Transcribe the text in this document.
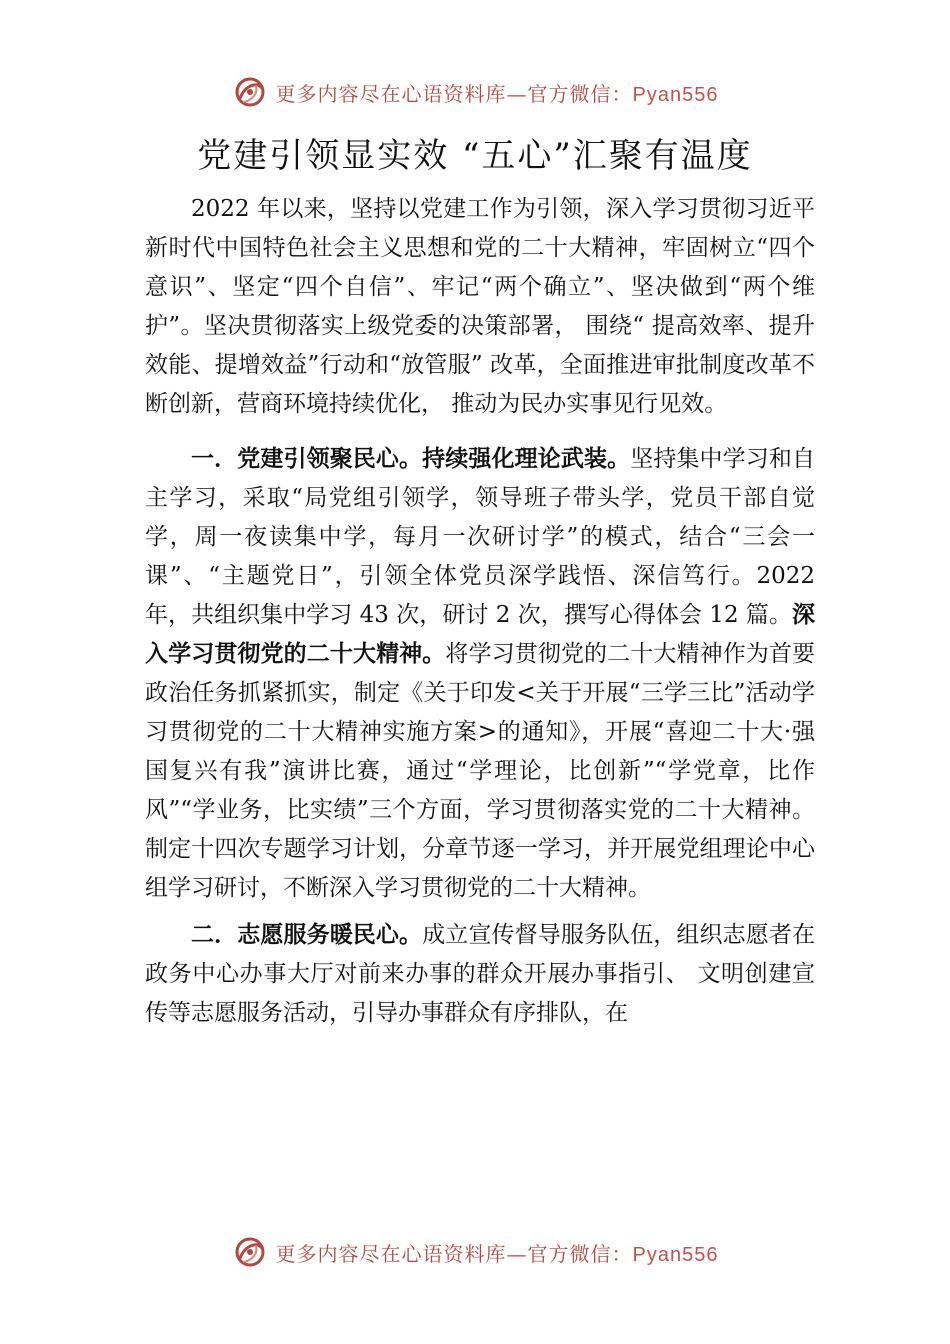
更多内容尽在心语资料库—官方微信：Pyan556
党建引领显实效 “五心”汇聚有温度

2022 年以来，坚持以党建工作为引领，深入学习贯彻习近平新时代中国特色社会主义思想和党的二十大精神，牢固树立“四个意识”、坚定“四个自信”、牢记“两个确立”、坚决做到“两个维护”。坚决贯彻落实上级党委的决策部署， 围绕“ 提高效率、提升效能、提增效益”行动和“放管服” 改革，全面推进审批制度改革不断创新，营商环境持续优化， 推动为民办实事见行见效。

一．党建引领聚民心。持续强化理论武装。坚持集中学习和自主学习，采取“局党组引领学，领导班子带头学，党员干部自觉学，周一夜读集中学，每月一次研讨学”的模式，结合“三会一课”、“主题党日”，引领全体党员深学践悟、深信笃行。2022 年，共组织集中学习 43 次，研讨 2 次，撰写心得体会 12 篇。深入学习贯彻党的二十大精神。将学习贯彻党的二十大精神作为首要政治任务抓紧抓实，制定《关于印发<关于开展“三学三比”活动学习贯彻党的二十大精神实施方案>的通知》，开展“喜迎二十大·强国复兴有我”演讲比赛，通过“学理论，比创新”“学党章，比作风”“学业务，比实绩”三个方面，学习贯彻落实党的二十大精神。 制定十四次专题学习计划，分章节逐一学习，并开展党组理论中心组学习研讨，不断深入学习贯彻党的二十大精神。

二．志愿服务暖民心。成立宣传督导服务队伍，组织志愿者在政务中心办事大厅对前来办事的群众开展办事指引、 文明创建宣传等志愿服务活动，引导办事群众有序排队，在

更多内容尽在心语资料库—官方微信：Pyan556
